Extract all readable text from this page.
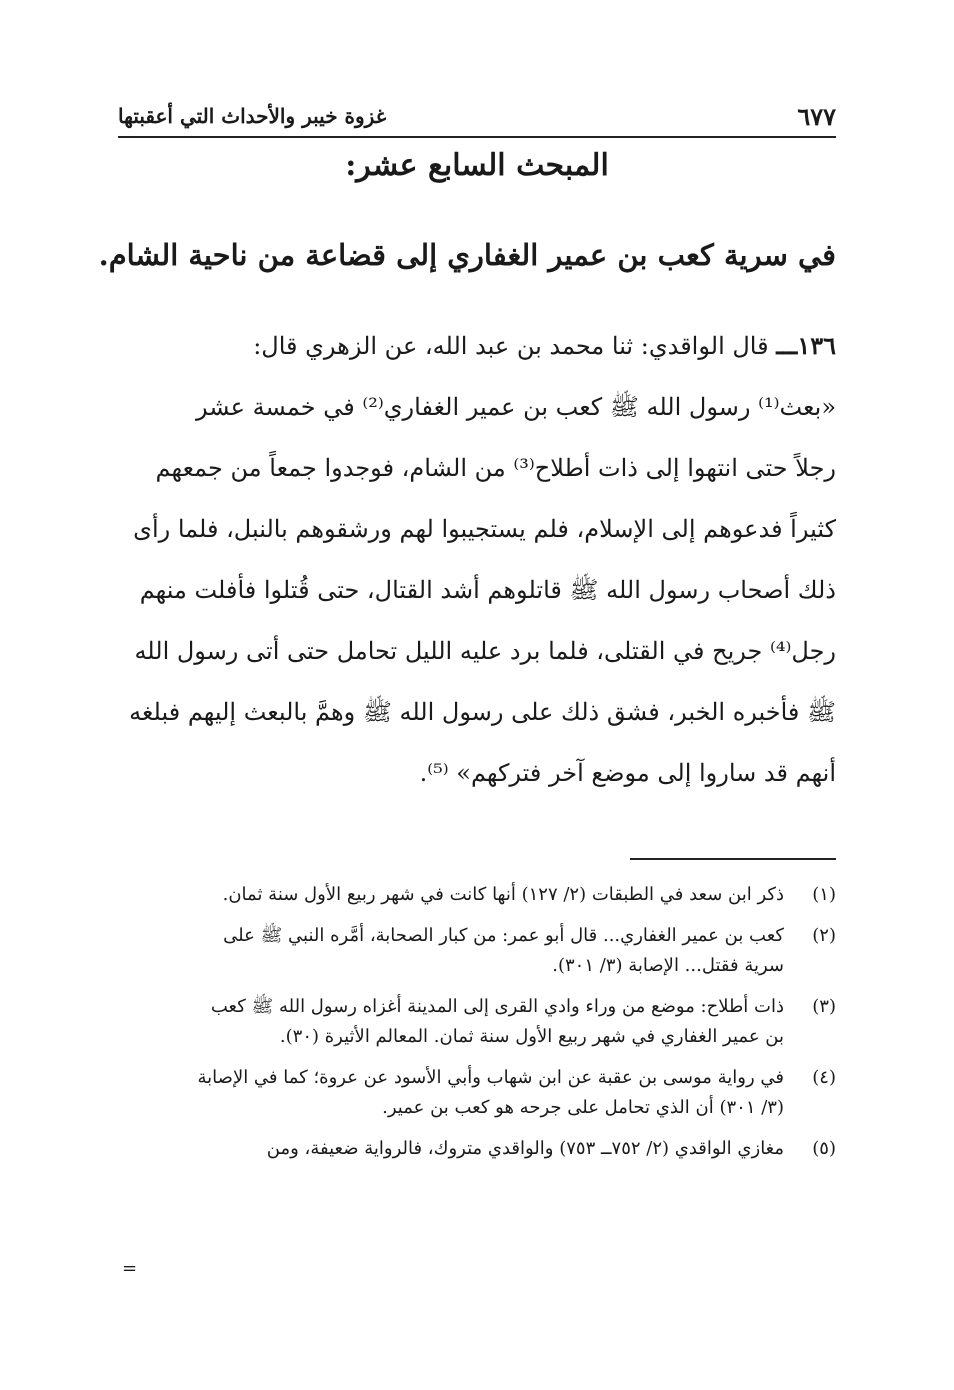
٦٧٧
غزوة خيبر والأحداث التي أعقبتها
المبحث السابع عشر:
في سرية كعب بن عمير الغفاري إلى قضاعة من ناحية الشام.
١٣٦ـــ قال الواقدي: ثنا محمد بن عبد الله، عن الزهري قال:
«بعث⁽¹⁾ رسول الله ﷺ كعب بن عمير الغفاري⁽²⁾ في خمسة عشر
رجلاً حتى انتهوا إلى ذات أطلاح⁽³⁾ من الشام، فوجدوا جمعاً من جمعهم
كثيراً فدعوهم إلى الإسلام، فلم يستجيبوا لهم ورشقوهم بالنبل، فلما رأى
ذلك أصحاب رسول الله ﷺ قاتلوهم أشد القتال، حتى قُتلوا فأفلت منهم
رجل⁽⁴⁾ جريح في القتلى، فلما برد عليه الليل تحامل حتى أتى رسول الله
ﷺ فأخبره الخبر، فشق ذلك على رسول الله ﷺ وهمَّ بالبعث إليهم فبلغه
أنهم قد ساروا إلى موضع آخر فتركهم» ⁽⁵⁾.
(١)
ذكر ابن سعد في الطبقات (٢/ ١٢٧) أنها كانت في شهر ربيع الأول سنة ثمان.
(٢)
كعب بن عمير الغفاري... قال أبو عمر: من كبار الصحابة، أمَّره النبي ﷺ على
سرية فقتل... الإصابة (٣/ ٣٠١).
(٣)
ذات أطلاح: موضع من وراء وادي القرى إلى المدينة أغزاه رسول الله ﷺ كعب
بن عمير الغفاري في شهر ربيع الأول سنة ثمان. المعالم الأثيرة (٣٠).
(٤)
في رواية موسى بن عقبة عن ابن شهاب وأبي الأسود عن عروة؛ كما في الإصابة
(٣/ ٣٠١) أن الذي تحامل على جرحه هو كعب بن عمير.
(٥)
مغازي الواقدي (٢/ ٧٥٢ــ ٧٥٣) والواقدي متروك، فالرواية ضعيفة، ومن
=
